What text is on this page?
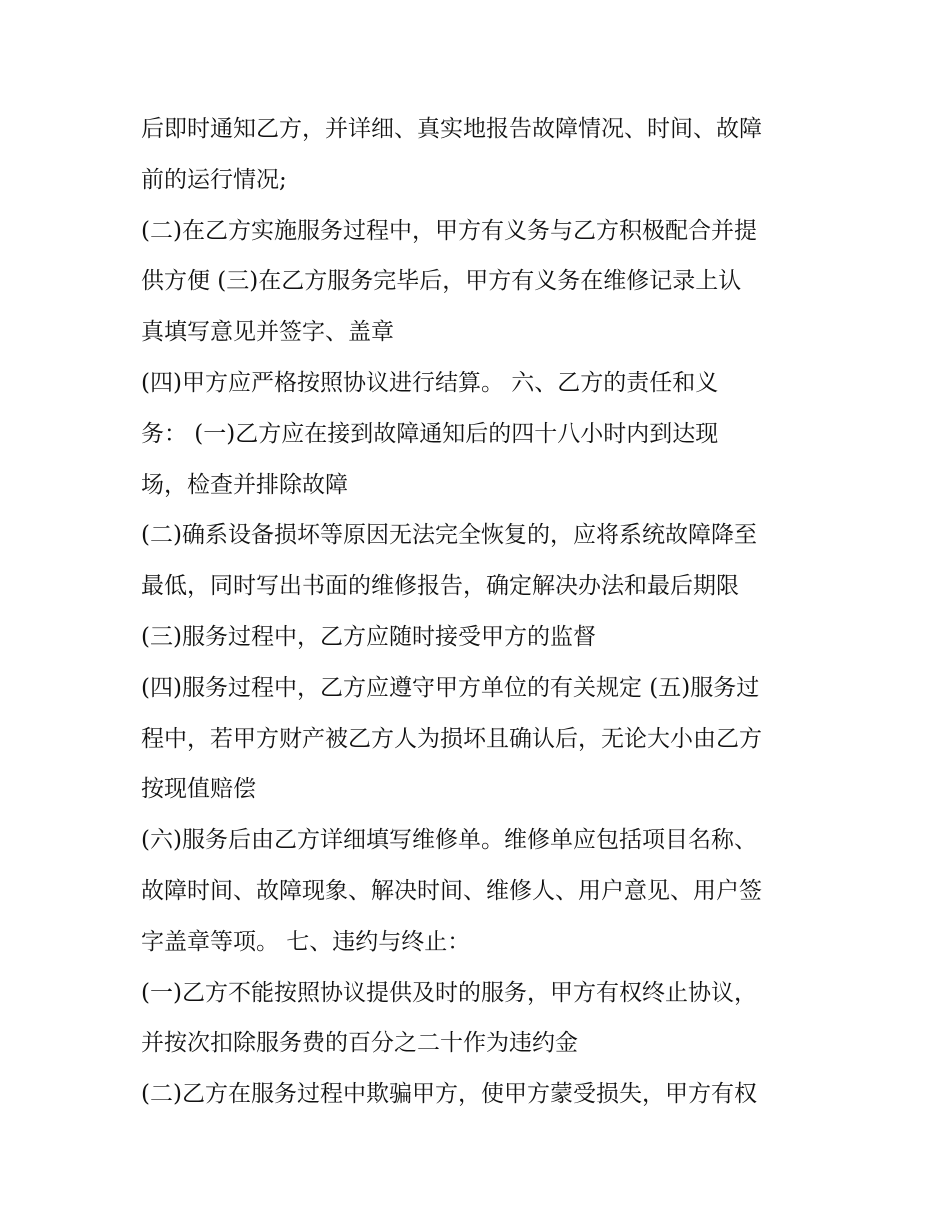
后即时通知乙方，并详细、真实地报告故障情况、时间、故障
前的运行情况;
(二)在乙方实施服务过程中，甲方有义务与乙方积极配合并提
供方便 (三)在乙方服务完毕后，甲方有义务在维修记录上认
真填写意见并签字、盖章
(四)甲方应严格按照协议进行结算。 六、乙方的责任和义
务： (一)乙方应在接到故障通知后的四十八小时内到达现
场，检查并排除故障
(二)确系设备损坏等原因无法完全恢复的，应将系统故障降至
最低，同时写出书面的维修报告，确定解决办法和最后期限
(三)服务过程中，乙方应随时接受甲方的监督
(四)服务过程中，乙方应遵守甲方单位的有关规定 (五)服务过
程中，若甲方财产被乙方人为损坏且确认后，无论大小由乙方
按现值赔偿
(六)服务后由乙方详细填写维修单。维修单应包括项目名称、
故障时间、故障现象、解决时间、维修人、用户意见、用户签
字盖章等项。 七、违约与终止：
(一)乙方不能按照协议提供及时的服务，甲方有权终止协议，
并按次扣除服务费的百分之二十作为违约金
(二)乙方在服务过程中欺骗甲方，使甲方蒙受损失，甲方有权
